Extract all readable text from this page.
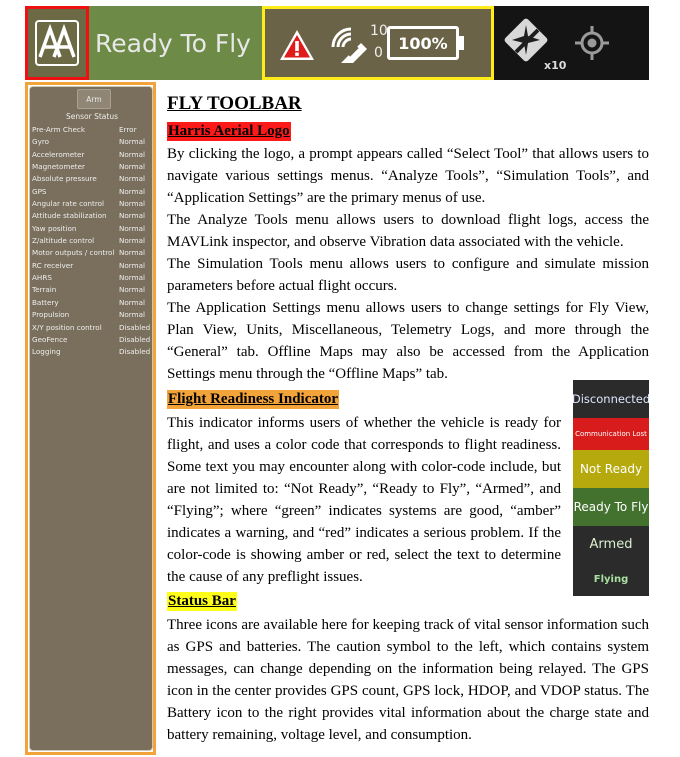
Ready To Fly	10
0
100%
x10
Arm
Sensor Status
Pre-Arm Check	Error
Gyro	Normal
Accelerometer	Normal
Magnetometer	Normal
Absolute pressure	Normal
GPS	Normal
Angular rate control Normal
Attitude stabilization Normal
Yaw position	Normal
Z/altitude control	Normal
Motor outputs / control Normal
RC receiver	Normal
AHRS	Normal
Terrain	Normal
Battery	Normal
Propulsion	Normal
X/Y position control Disabled
GeoFence	Disabled
Logging	Disabled
FLY TOOLBAR
Harris Aerial Logo
By clicking the logo, a prompt appears called “Select Tool” that allows users to navigate various settings menus. “Analyze Tools”, “Simulation Tools”, and “Application Settings” are the primary menus of use.
The Analyze Tools menu allows users to download flight logs, access the MAVLink inspector, and observe Vibration data associated with the vehicle.
The Simulation Tools menu allows users to configure and simulate mission parameters before actual flight occurs.
The Application Settings menu allows users to change settings for Fly View, Plan View, Units, Miscellaneous, Telemetry Logs, and more through the “General” tab. Offline Maps may also be accessed from the Application Settings menu through the “Offline Maps” tab.
Flight Readiness Indicator
This indicator informs users of whether the vehicle is ready for flight, and uses a color code that corresponds to flight readiness. Some text you may encounter along with color-code include, but are not limited to: “Not Ready”, “Ready to Fly”, “Armed”, and “Flying”; where “green” indicates systems are good, “amber” indicates a warning, and “red” indicates a serious problem. If the color-code is showing amber or red, select the text to determine the cause of any preflight issues.
Disconnected
Communication Lost
Not Ready
Ready To Fly
Armed
Flying
Status Bar
Three icons are available here for keeping track of vital sensor information such as GPS and batteries. The caution symbol to the left, which contains system messages, can change depending on the information being relayed. The GPS icon in the center provides GPS count, GPS lock, HDOP, and VDOP status. The Battery icon to the right provides vital information about the charge state and battery remaining, voltage level, and consumption.
